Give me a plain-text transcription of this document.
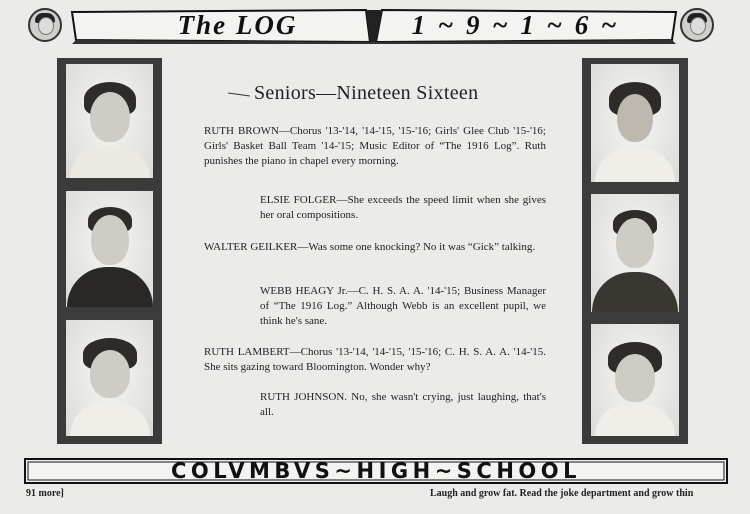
The LOG	1 ~ 9 ~ 1 ~ 6 ~
Seniors—Nineteen Sixteen
RUTH BROWN—Chorus '13-'14, '14-'15, '15-'16; Girls' Glee Club '15-'16; Girls' Basket Ball Team '14-'15; Music Editor of “The 1916 Log”. Ruth punishes the piano in chapel every morning.
ELSIE FOLGER—She exceeds the speed limit when she gives her oral compositions.
WALTER GEILKER—Was some one knocking? No it was “Gick” talking.
WEBB HEAGY Jr.—C. H. S. A. A. '14-'15; Business Manager of “The 1916 Log.” Although Webb is an excellent pupil, we think he's sane.
RUTH LAMBERT—Chorus '13-'14, '14-'15, '15-'16; C. H. S. A. A. '14-'15. She sits gazing toward Bloomington. Wonder why?
RUTH JOHNSON. No, she wasn't crying, just laughing, that's all.
COLVMBVS~HIGH~SCHOOL
91 more]	Laugh and grow fat. Read the joke department and grow thin
